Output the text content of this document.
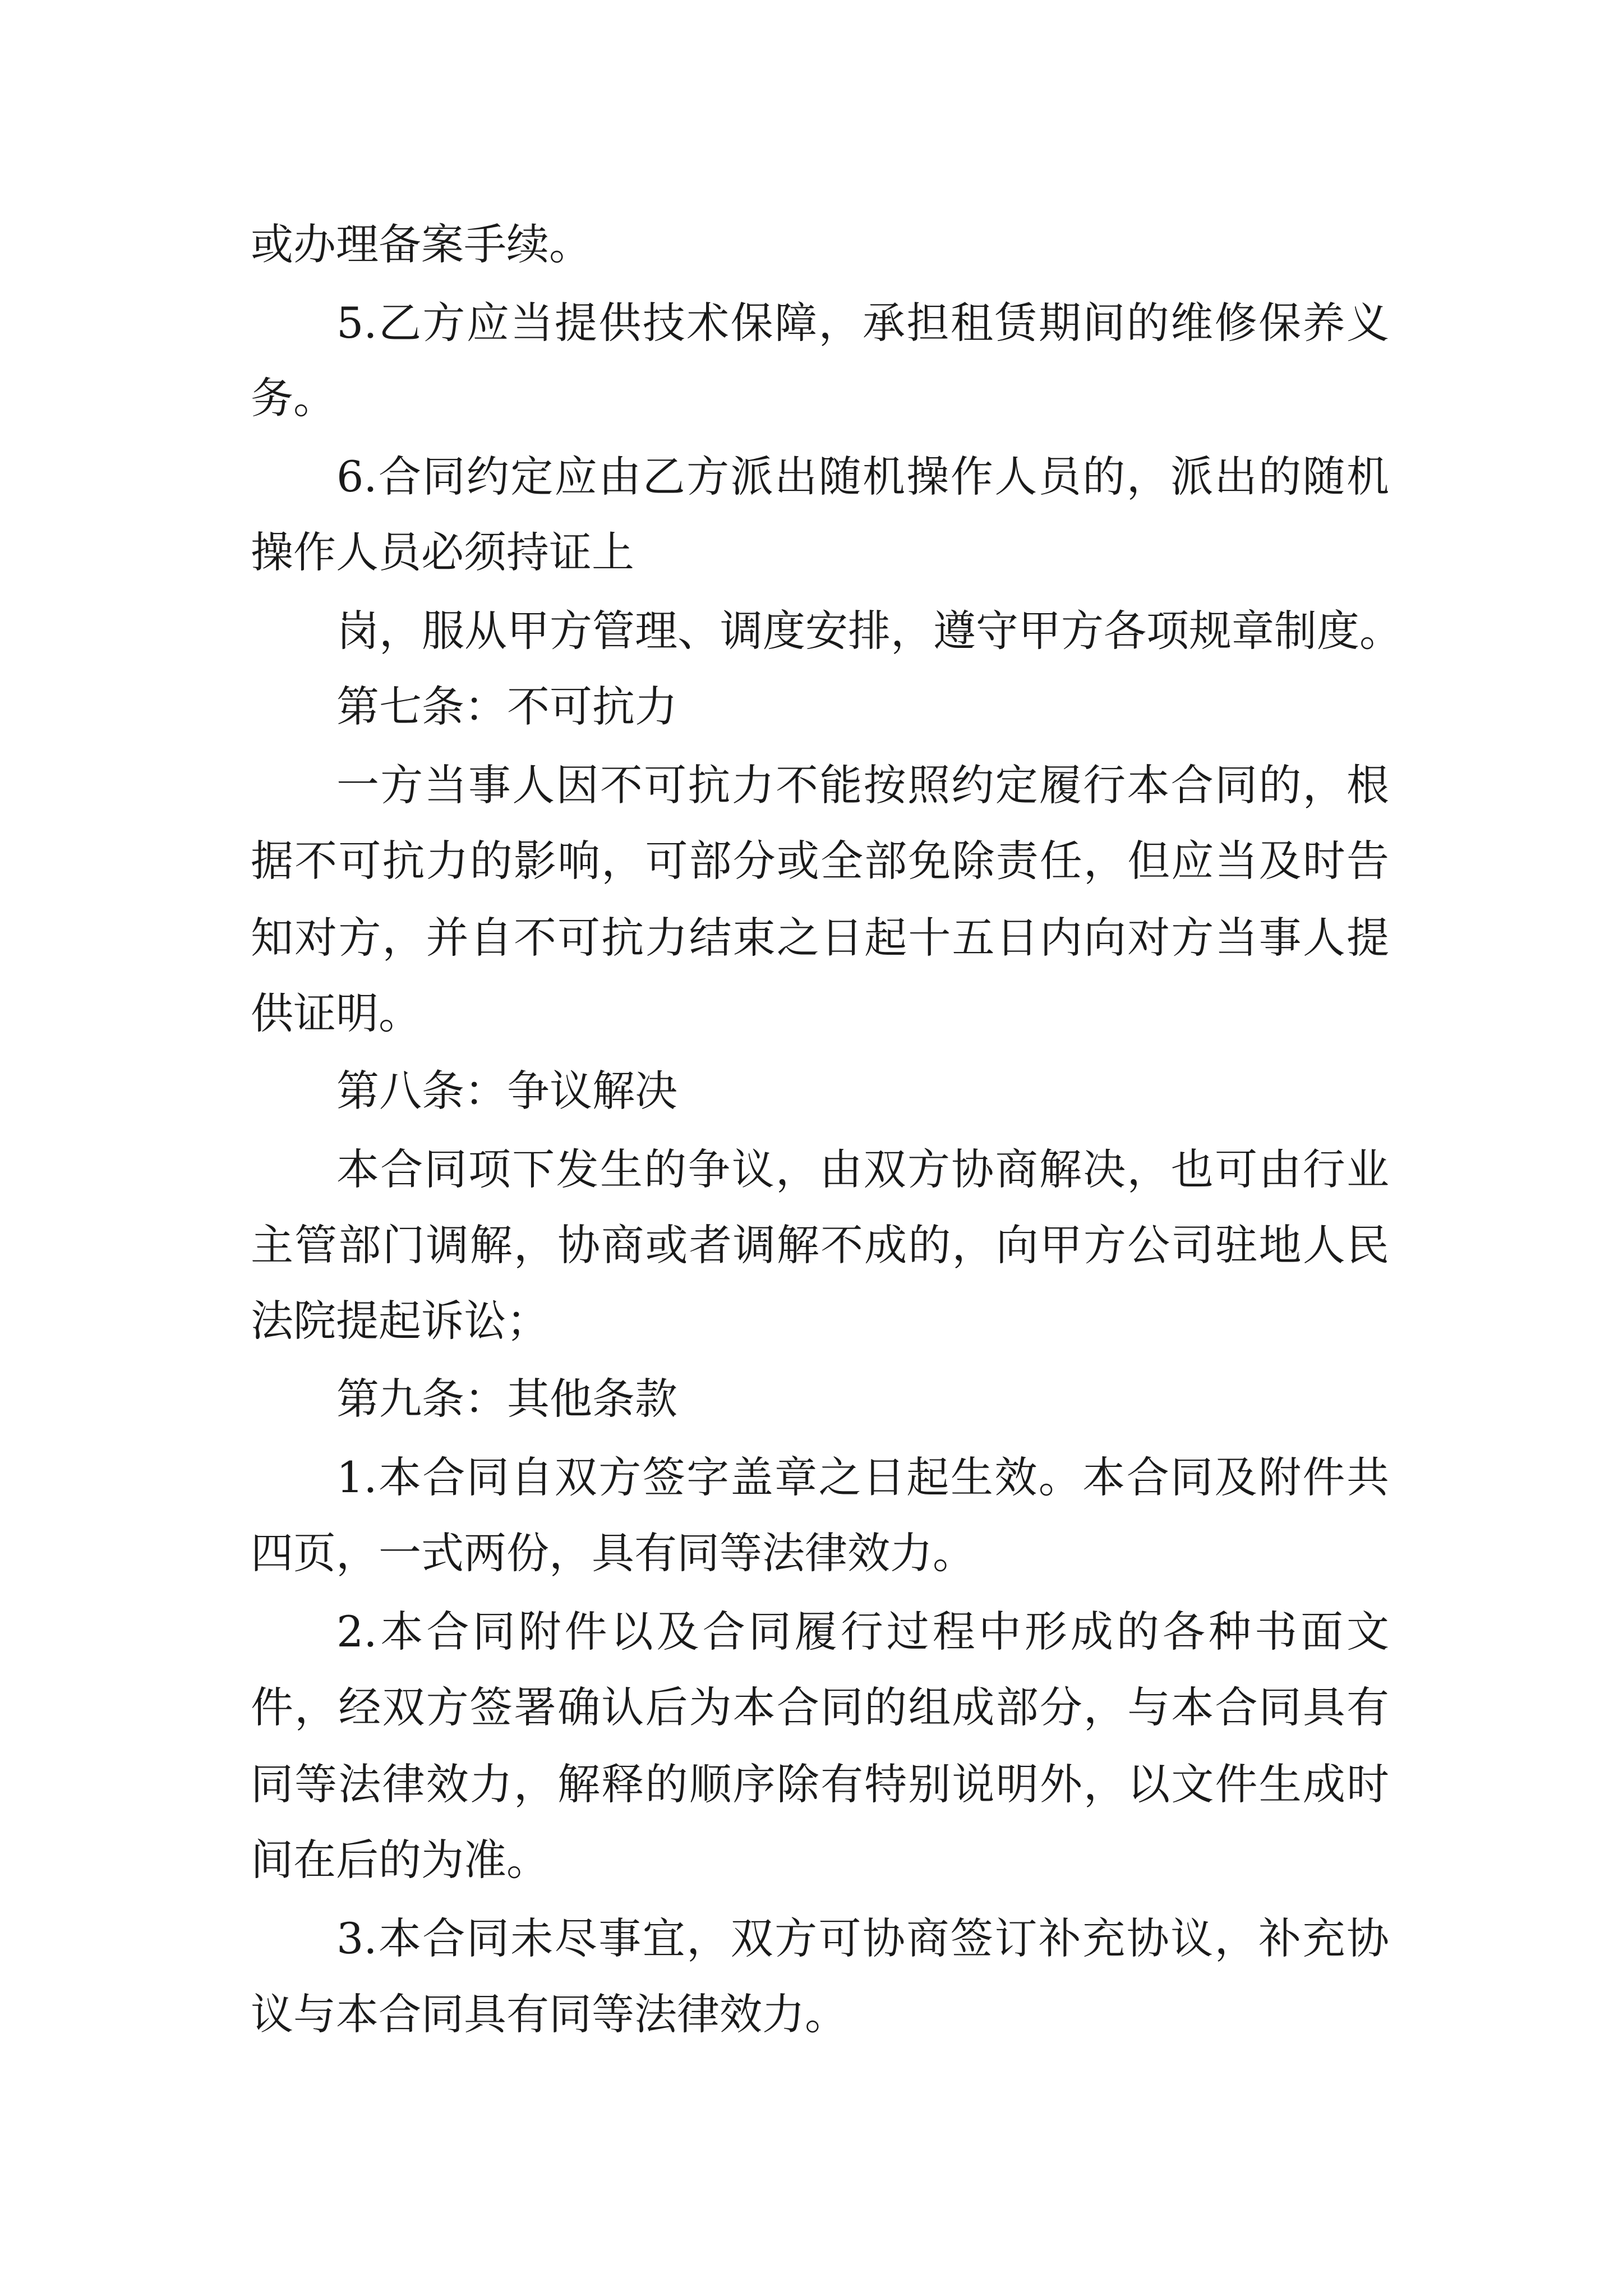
或办理备案手续。
5.乙方应当提供技术保障，承担租赁期间的维修保养义
务。
6.合同约定应由乙方派出随机操作人员的，派出的随机
操作人员必须持证上
岗，服从甲方管理、调度安排，遵守甲方各项规章制度。
第七条：不可抗力
一方当事人因不可抗力不能按照约定履行本合同的，根
据不可抗力的影响，可部分或全部免除责任，但应当及时告
知对方，并自不可抗力结束之日起十五日内向对方当事人提
供证明。
第八条：争议解决
本合同项下发生的争议，由双方协商解决，也可由行业
主管部门调解，协商或者调解不成的，向甲方公司驻地人民
法院提起诉讼；
第九条：其他条款
1.本合同自双方签字盖章之日起生效。本合同及附件共
四页，一式两份，具有同等法律效力。
2.本合同附件以及合同履行过程中形成的各种书面文
件，经双方签署确认后为本合同的组成部分，与本合同具有
同等法律效力，解释的顺序除有特别说明外，以文件生成时
间在后的为准。
3.本合同未尽事宜，双方可协商签订补充协议，补充协
议与本合同具有同等法律效力。
